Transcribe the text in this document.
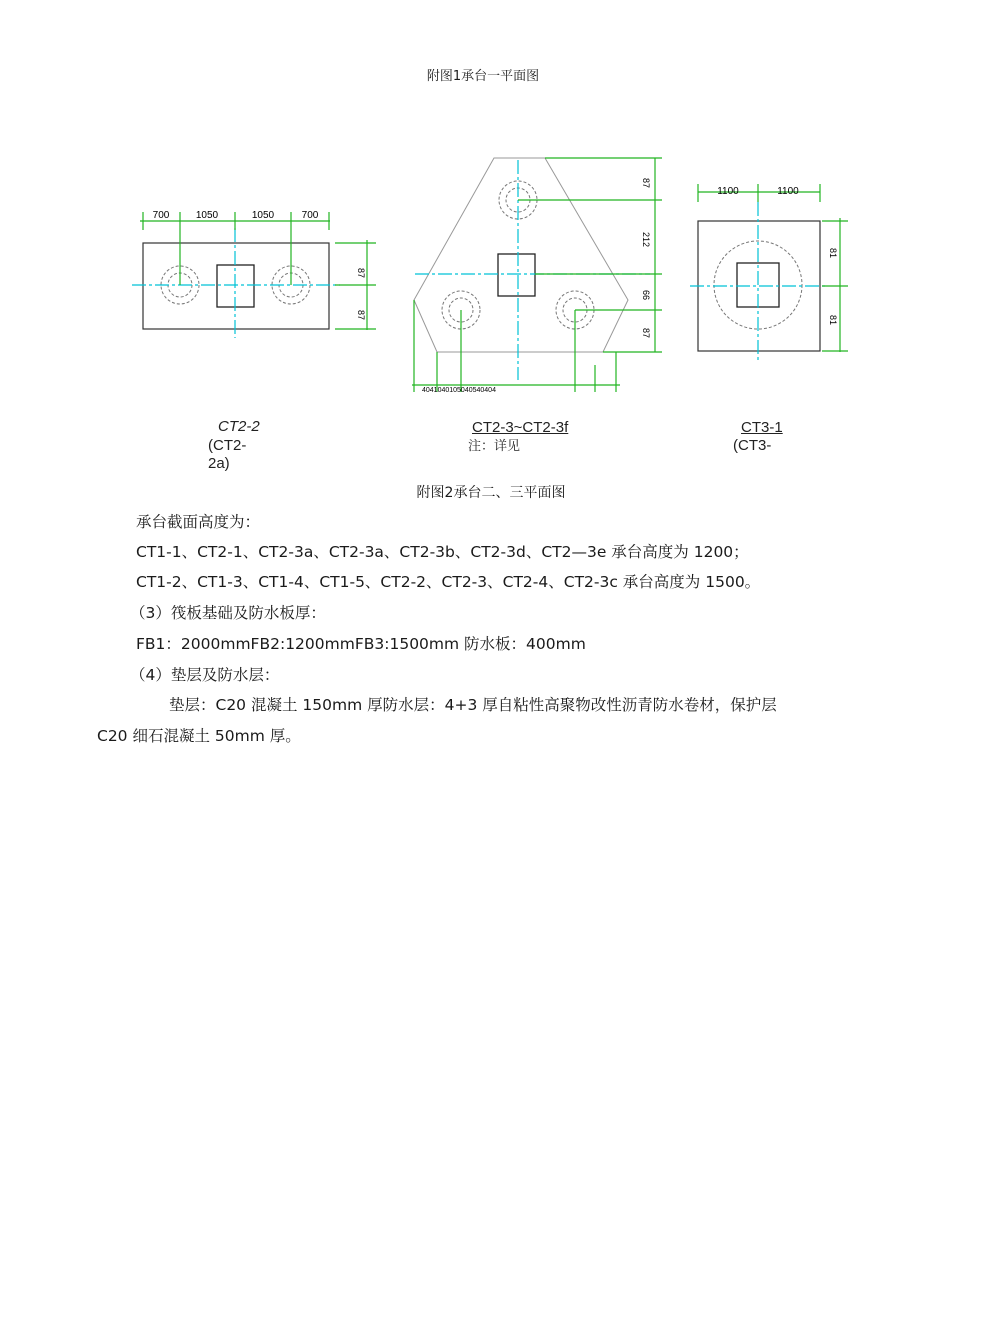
附图1承台一平面图
700	1050	1050	700
87
87
87
212
66
87
4041040105040540404
1100	1100
81
81
CT2-2
(CT2-
2a)
CT2-3~CT2-3f
注：详见
CT3-1
(CT3-
附图2承台二、三平面图
承台截面高度为：
CT1-1、CT2-1、CT2-3a、CT2-3a、CT2-3b、CT2-3d、CT2—3e 承台高度为 1200；
CT1-2、CT1-3、CT1-4、CT1-5、CT2-2、CT2-3、CT2-4、CT2-3c 承台高度为 1500。
（3）筏板基础及防水板厚：
FB1：2000mmFB2:1200mmFB3:1500mm 防水板：400mm
（4）垫层及防水层：
垫层：C20 混凝土 150mm 厚防水层：4+3 厚自粘性高聚物改性沥青防水卷材，保护层
C20 细石混凝土 50mm 厚。
